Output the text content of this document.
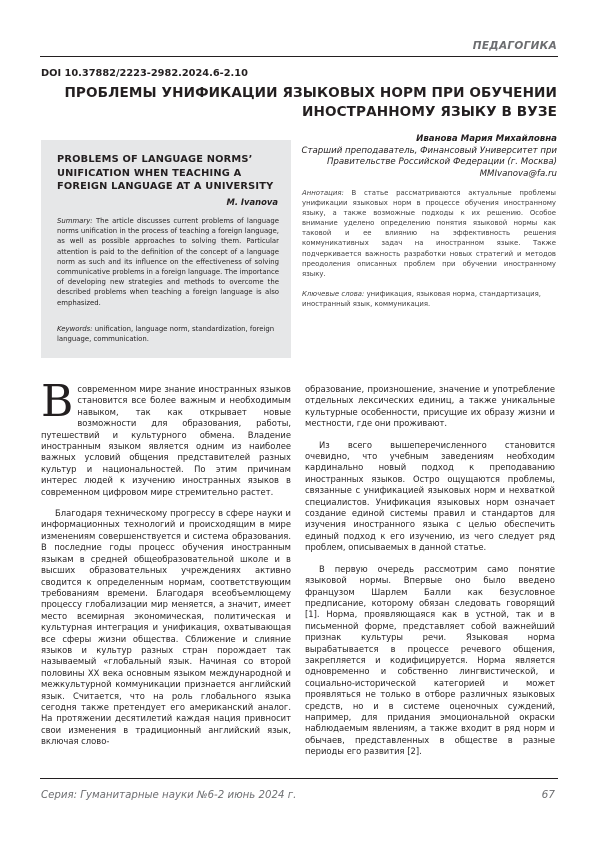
ПЕДАГОГИКА
DOI 10.37882/2223-2982.2024.6-2.10
ПРОБЛЕМЫ УНИФИКАЦИИ ЯЗЫКОВЫХ НОРМ ПРИ ОБУЧЕНИИ ИНОСТРАННОМУ ЯЗЫКУ В ВУЗЕ
Иванова Мария Михайловна
Старший преподаватель, Финансовый Университет при Правительстве Российской Федерации (г. Москва)
MMIvanova@fa.ru
PROBLEMS OF LANGUAGE NORMS’ UNIFICATION WHEN TEACHING A FOREIGN LANGUAGE AT A UNIVERSITY
M. Ivanova
Summary: The article discusses current problems of language norms unification in the process of teaching a foreign language, as well as possible approaches to solving them. Particular attention is paid to the definition of the concept of a language norm as such and its influence on the effectiveness of solving communicative problems in a foreign language. The importance of developing new strategies and methods to overcome the described problems when teaching a foreign language is also emphasized.
Keywords: unification, language norm, standardization, foreign language, communication.
Аннотация: В статье рассматриваются актуальные проблемы унификации языковых норм в процессе обучения иностранному языку, а также возможные подходы к их решению. Особое внимание уделено определению понятия языковой нормы как таковой и ее влиянию на эффективность решения коммуникативных задач на иностранном языке. Также подчеркивается важность разработки новых стратегий и методов преодоления описанных проблем при обучении иностранному языку.
Ключевые слова: унификация, языковая норма, стандартизация, иностранный язык, коммуникация.

Всовременном мире знание иностранных языков становится все более важным и необходимым навыком, так как открывает новые возможности для образования, работы, путешествий и культурного обмена. Владение иностранным языком является одним из наиболее важных условий общения представителей разных культур и национальностей. По этим причинам интерес людей к изучению иностранных языков в современном цифровом мире стремительно растет.

Благодаря техническому прогрессу в сфере науки и информационных технологий и происходящим в мире изменениям совершенствуется и система образования. В последние годы процесс обучения иностранным языкам в средней общеобразовательной школе и в высших образовательных учреждениях активно сводится к определенным нормам, соответствующим требованиям времени. Благодаря всеобъемлющему процессу глобализации мир меняется, а значит, имеет место всемирная экономическая, политическая и культурная интеграция и унификация, охватывающая все сферы жизни общества. Сближение и слияние языков и культур разных стран порождает так называемый «глобальный язык. Начиная со второй половины XX века основным языком международной и межкультурной коммуникации признается английский язык. Считается, что на роль глобального языка сегодня также претендует его американский аналог. На протяжении десятилетий каждая нация привносит свои изменения в традиционный английский язык, включая слово-

образование, произношение, значение и употребление отдельных лексических единиц, а также уникальные культурные особенности, присущие их образу жизни и местности, где они проживают.

Из всего вышеперечисленного становится очевидно, что учебным заведениям необходим кардинально новый подход к преподаванию иностранных языков. Остро ощущаются проблемы, связанные с унификацией языковых норм и нехваткой специалистов. Унификация языковых норм означает создание единой системы правил и стандартов для изучения иностранного языка с целью обеспечить единый подход к его изучению, из чего следует ряд проблем, описываемых в данной статье.

В первую очередь рассмотрим само понятие языковой нормы. Впервые оно было введено французом Шарлем Балли как безусловное предписание, которому обязан следовать говорящий [1]. Норма, проявляющаяся как в устной, так и в письменной форме, представляет собой важнейший признак культуры речи. Языковая норма вырабатывается в процессе речевого общения, закрепляется и кодифицируется. Норма является одновременно и собственно лингвистической, и социально-исторической категорией и может проявляться не только в отборе различных языковых средств, но и в системе оценочных суждений, например, для придания эмоциональной окраски наблюдаемым явлениям, а также входит в ряд норм и обычаев, представленных в обществе в разные периоды его развития [2].

Серия: Гуманитарные науки №6-2 июнь 2024 г.	67
